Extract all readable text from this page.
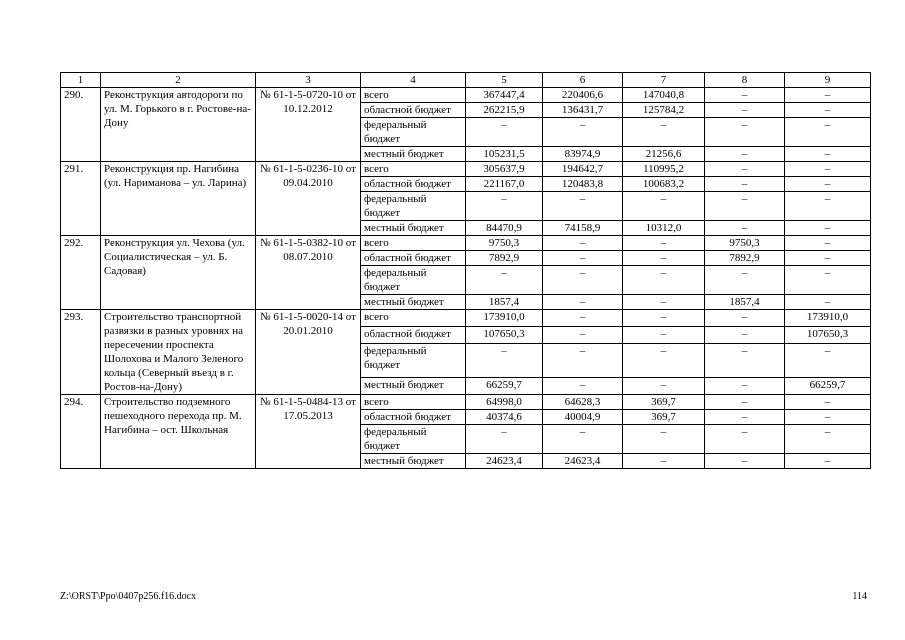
1	2	3	4	5	6	7	8	9
290.	Реконструкция автодороги по ул. М. Горького в г. Ростове-на-Дону	№ 61-1-5-0720-10 от 10.12.2012	всего	367447,4	220406,6	147040,8	–	–
			областной бюджет	262215,9	136431,7	125784,2	–	–
			федеральный бюджет	–	–	–	–	–
			местный бюджет	105231,5	83974,9	21256,6	–	–
291.	Реконструкция пр. Нагибина (ул. Нариманова – ул. Ларина)	№ 61-1-5-0236-10 от 09.04.2010	всего	305637,9	194642,7	110995,2	–	–
			областной бюджет	221167,0	120483,8	100683,2	–	–
			федеральный бюджет	–	–	–	–	–
			местный бюджет	84470,9	74158,9	10312,0	–	–
292.	Реконструкция ул. Чехова (ул. Социалистическая – ул. Б. Садовая)	№ 61-1-5-0382-10 от 08.07.2010	всего	9750,3	–	–	9750,3	–
			областной бюджет	7892,9	–	–	7892,9	–
			федеральный бюджет	–	–	–	–	–
			местный бюджет	1857,4	–	–	1857,4	–
293.	Строительство транспортной развязки в разных уровнях на пересечении проспекта Шолохова и Малого Зеленого кольца (Северный въезд в г. Ростов-на-Дону)	№ 61-1-5-0020-14 от 20.01.2010	всего	173910,0	–	–	–	173910,0
			областной бюджет	107650,3	–	–	–	107650,3
			федеральный бюджет	–	–	–	–	–
			местный бюджет	66259,7	–	–	–	66259,7
294.	Строительство подземного пешеходного перехода пр. М. Нагибина – ост. Школьная	№ 61-1-5-0484-13 от 17.05.2013	всего	64998,0	64628,3	369,7	–	–
			областной бюджет	40374,6	40004,9	369,7	–	–
			федеральный бюджет	–	–	–	–	–
			местный бюджет	24623,4	24623,4	–	–	–
Z:\ORST\Ppo\0407p256.f16.docx	114
